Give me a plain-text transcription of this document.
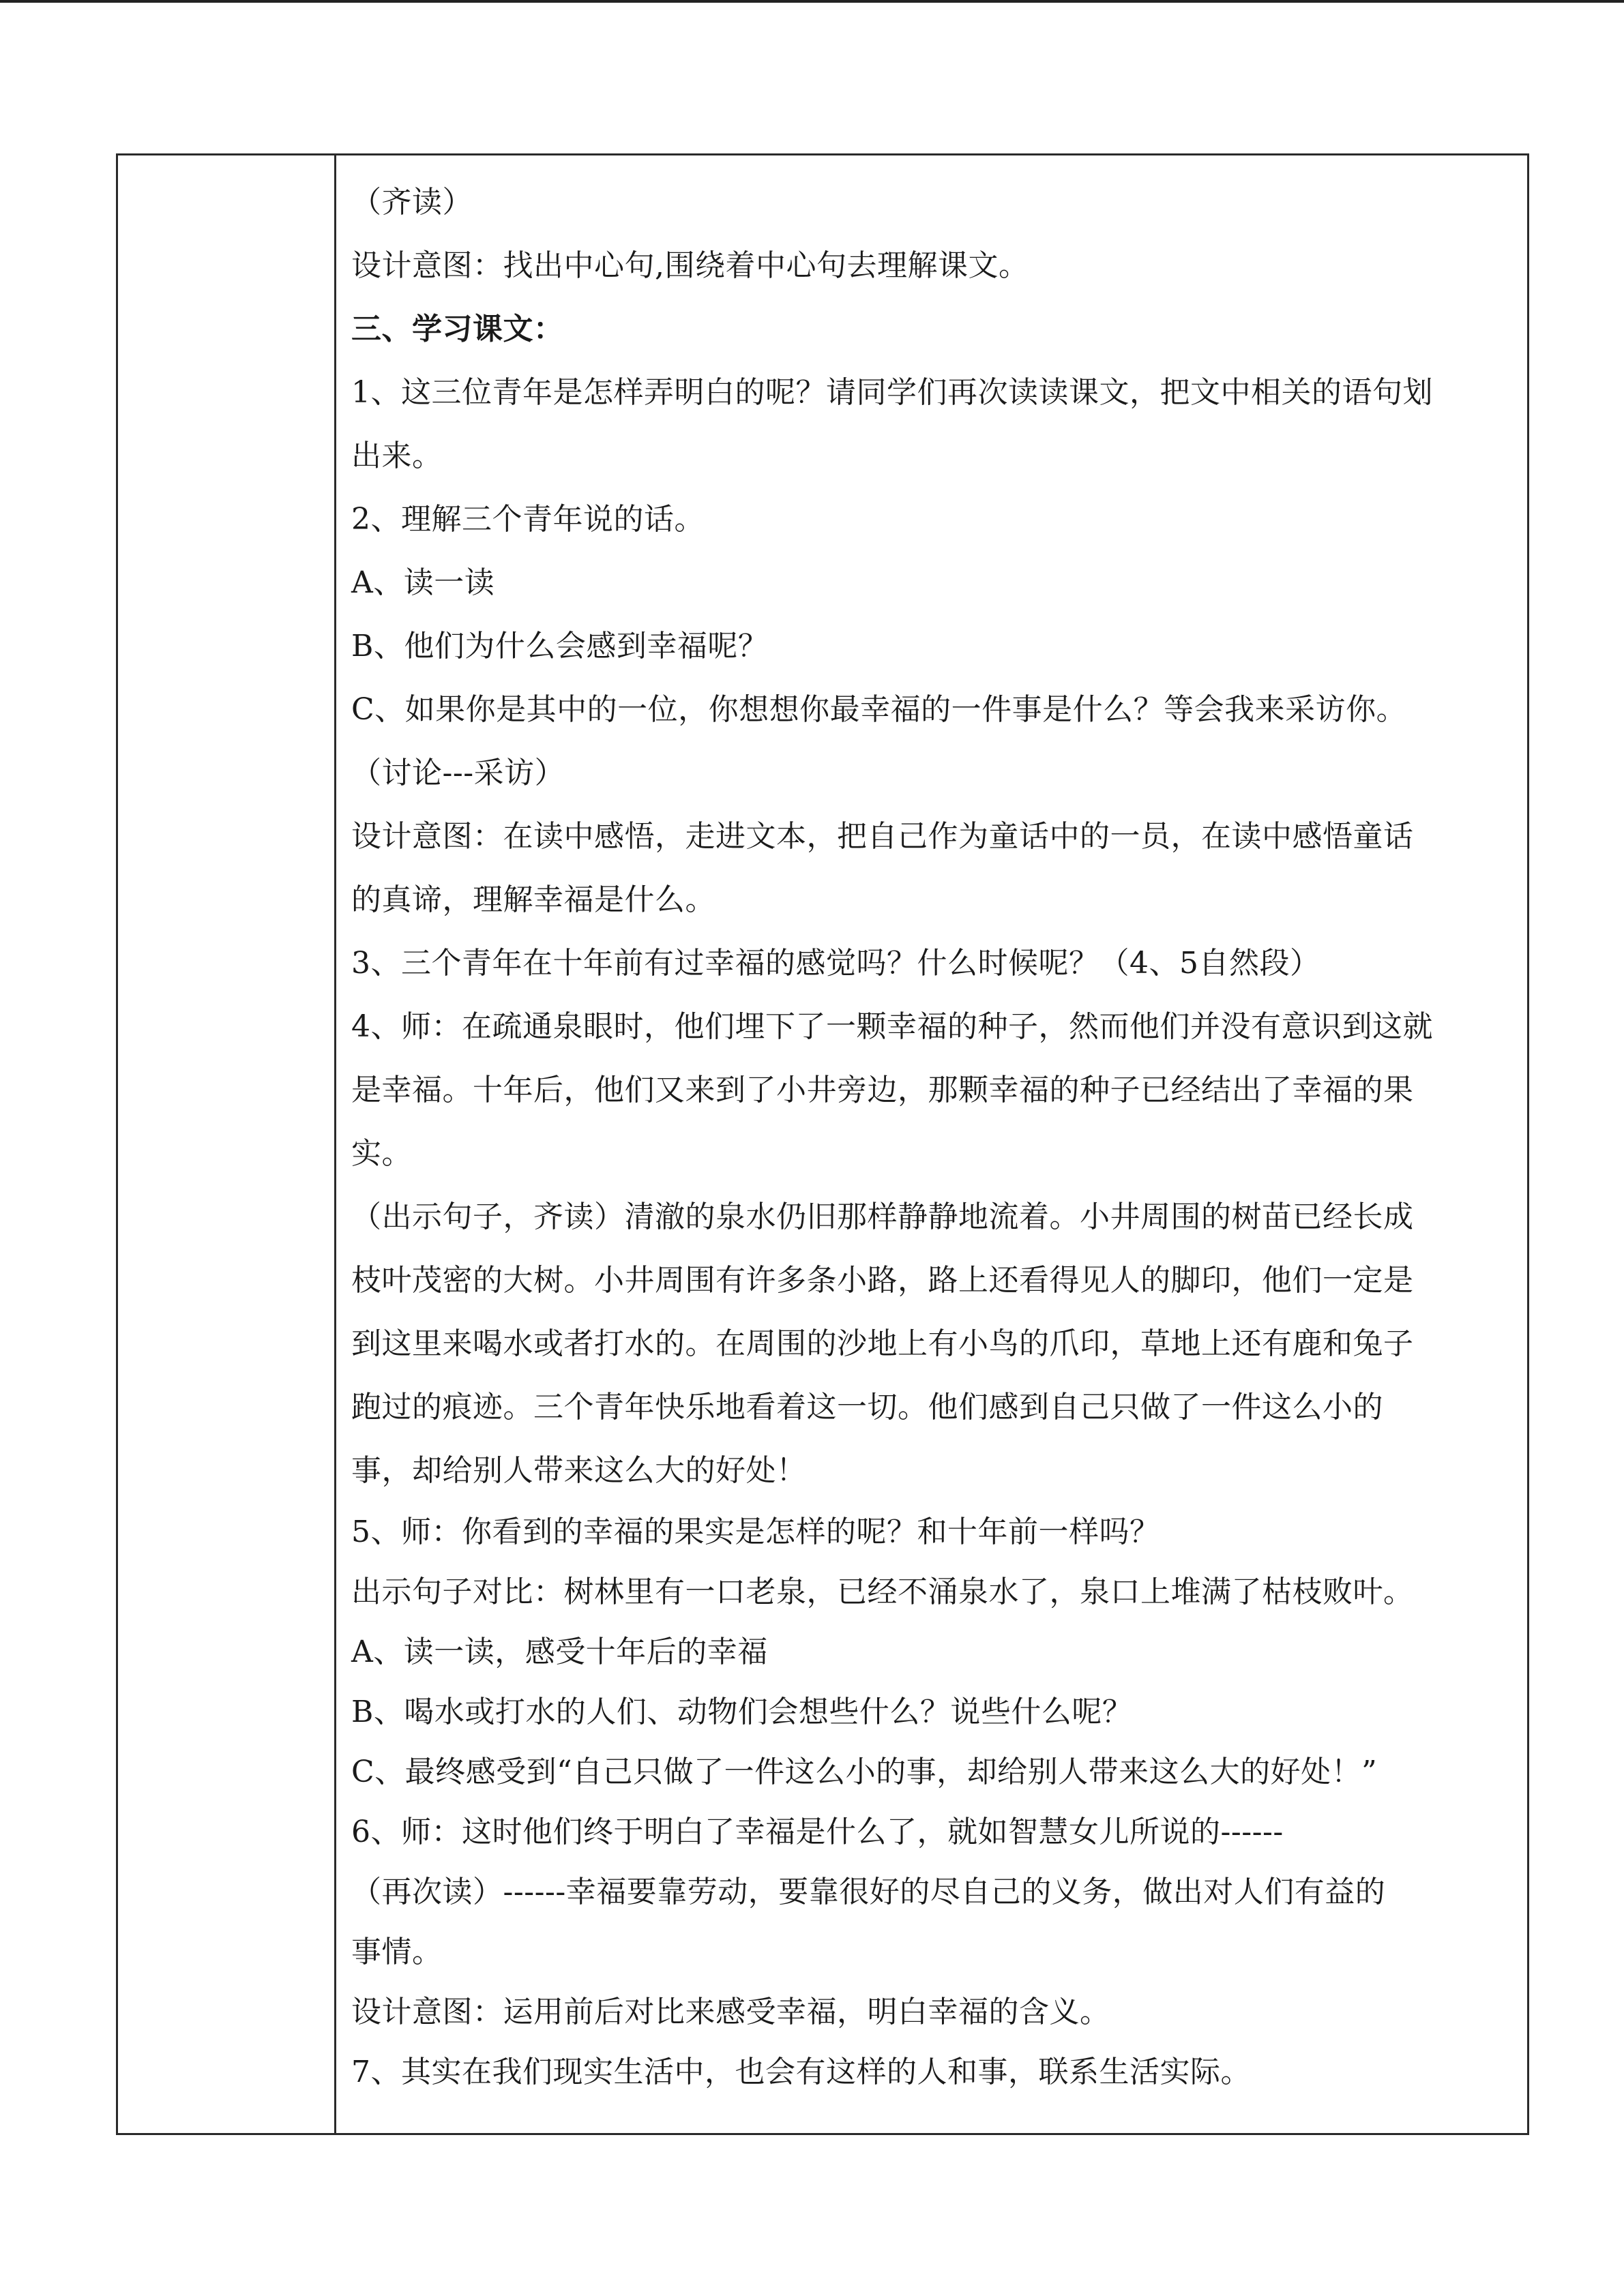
（齐读）
设计意图：找出中心句,围绕着中心句去理解课文。
三、学习课文：
1、这三位青年是怎样弄明白的呢？请同学们再次读读课文，把文中相关的语句划
出来。
2、理解三个青年说的话。
A、读一读
B、他们为什么会感到幸福呢？
C、如果你是其中的一位，你想想你最幸福的一件事是什么？等会我来采访你。
（讨论---采访）
设计意图：在读中感悟，走进文本，把自己作为童话中的一员，在读中感悟童话
的真谛，理解幸福是什么。
3、三个青年在十年前有过幸福的感觉吗？什么时候呢？（4、5自然段）
4、师：在疏通泉眼时，他们埋下了一颗幸福的种子，然而他们并没有意识到这就
是幸福。十年后，他们又来到了小井旁边，那颗幸福的种子已经结出了幸福的果
实。
（出示句子，齐读）清澈的泉水仍旧那样静静地流着。小井周围的树苗已经长成
枝叶茂密的大树。小井周围有许多条小路，路上还看得见人的脚印，他们一定是
到这里来喝水或者打水的。在周围的沙地上有小鸟的爪印，草地上还有鹿和兔子
跑过的痕迹。三个青年快乐地看着这一切。他们感到自己只做了一件这么小的
事，却给别人带来这么大的好处！
5、师：你看到的幸福的果实是怎样的呢？和十年前一样吗？
出示句子对比：树林里有一口老泉，已经不涌泉水了，泉口上堆满了枯枝败叶。
A、读一读，感受十年后的幸福
B、喝水或打水的人们、动物们会想些什么？说些什么呢？
C、最终感受到“自己只做了一件这么小的事，却给别人带来这么大的好处！”
6、师：这时他们终于明白了幸福是什么了，就如智慧女儿所说的------
（再次读）------幸福要靠劳动，要靠很好的尽自己的义务，做出对人们有益的
事情。
设计意图：运用前后对比来感受幸福，明白幸福的含义。
7、其实在我们现实生活中，也会有这样的人和事，联系生活实际。
